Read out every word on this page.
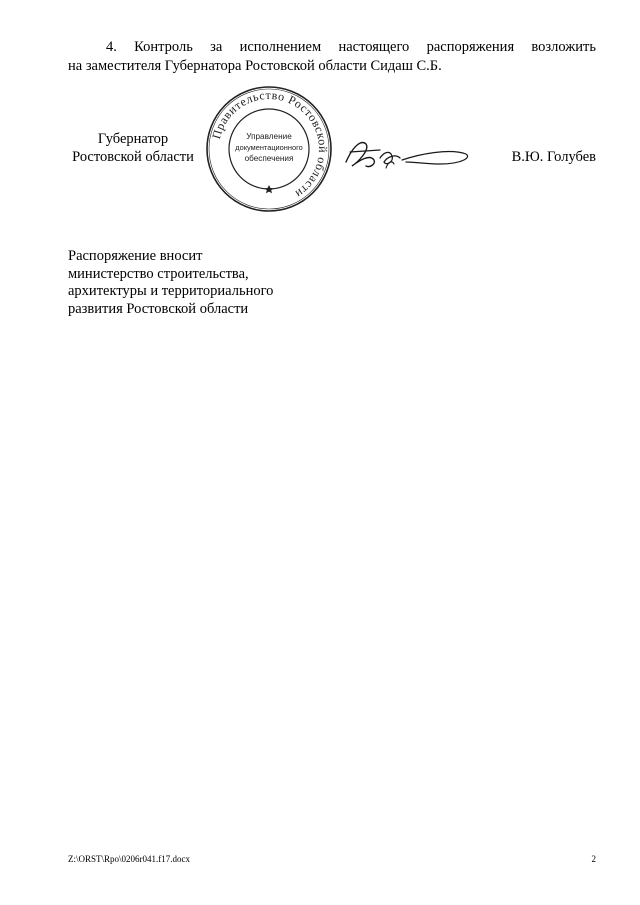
4. Контроль за исполнением настоящего распоряжения возложить
на заместителя Губернатора Ростовской области Сидаш С.Б.
Губернатор
Ростовской области
Правительство Ростовской области
Управление
документационного
обеспечения	В.Ю. Голубев
Распоряжение вносит
министерство строительства,
архитектуры и территориального
развития Ростовской области
Z:\ORST\Rpo\0206r041.f17.docx	2
